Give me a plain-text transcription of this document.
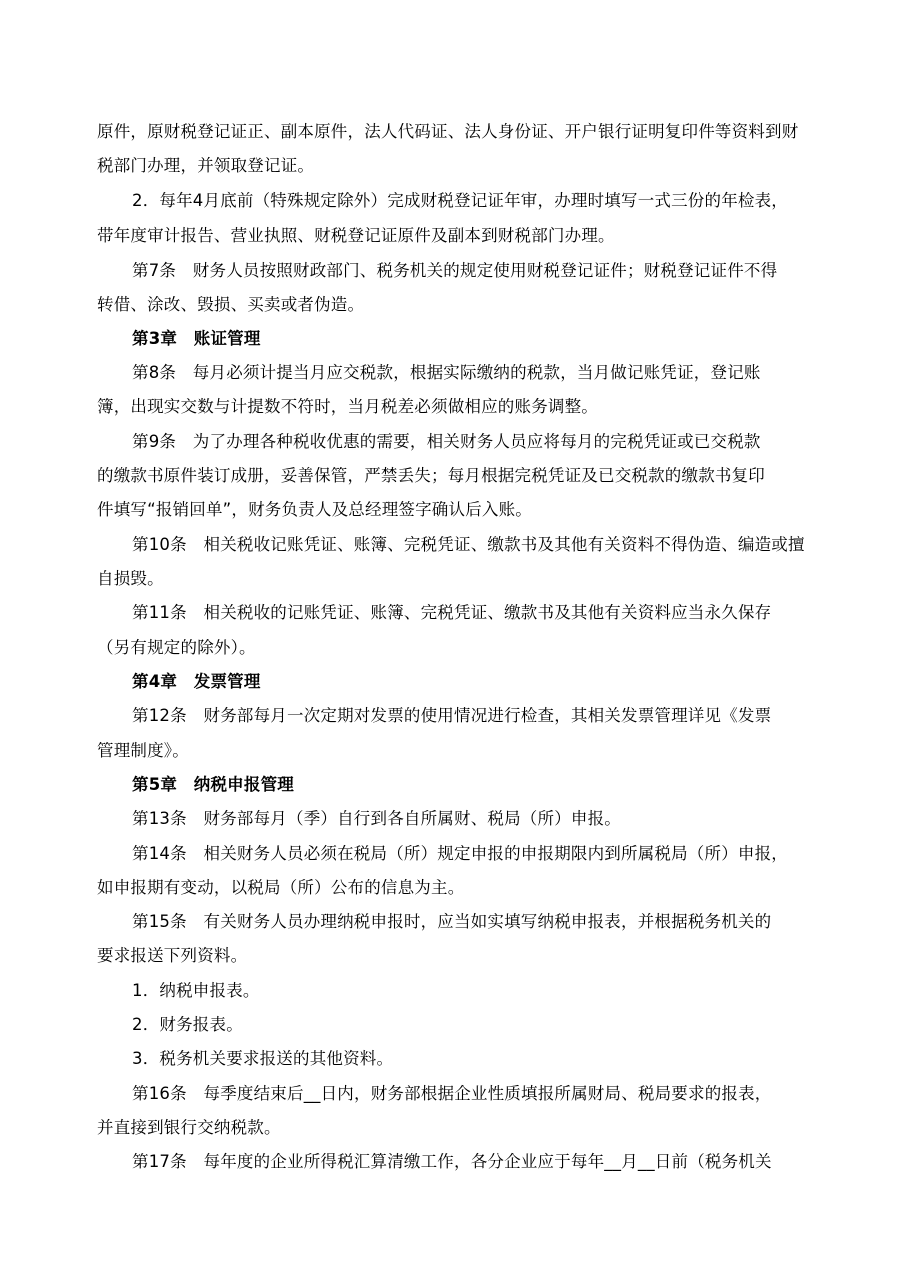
原件，原财税登记证正、副本原件，法人代码证、法人身份证、开户银行证明复印件等资料到财
税部门办理，并领取登记证。
2．每年4月底前（特殊规定除外）完成财税登记证年审，办理时填写一式三份的年检表，
带年度审计报告、营业执照、财税登记证原件及副本到财税部门办理。
第7条　财务人员按照财政部门、税务机关的规定使用财税登记证件；财税登记证件不得
转借、涂改、毁损、买卖或者伪造。
第3章　账证管理
第8条　每月必须计提当月应交税款，根据实际缴纳的税款，当月做记账凭证，登记账
簿，出现实交数与计提数不符时，当月税差必须做相应的账务调整。
第9条　为了办理各种税收优惠的需要，相关财务人员应将每月的完税凭证或已交税款
的缴款书原件装订成册，妥善保管，严禁丢失；每月根据完税凭证及已交税款的缴款书复印
件填写“报销回单”，财务负责人及总经理签字确认后入账。
第10条　相关税收记账凭证、账簿、完税凭证、缴款书及其他有关资料不得伪造、编造或擅
自损毁。
第11条　相关税收的记账凭证、账簿、完税凭证、缴款书及其他有关资料应当永久保存
（另有规定的除外）。
第4章　发票管理
第12条　财务部每月一次定期对发票的使用情况进行检查，其相关发票管理详见《发票
管理制度》。
第5章　纳税申报管理
第13条　财务部每月（季）自行到各自所属财、税局（所）申报。
第14条　相关财务人员必须在税局（所）规定申报的申报期限内到所属税局（所）申报，
如申报期有变动，以税局（所）公布的信息为主。
第15条　有关财务人员办理纳税申报时，应当如实填写纳税申报表，并根据税务机关的
要求报送下列资料。
1．纳税申报表。
2．财务报表。
3．税务机关要求报送的其他资料。
第16条　每季度结束后__日内，财务部根据企业性质填报所属财局、税局要求的报表，
并直接到银行交纳税款。
第17条　每年度的企业所得税汇算清缴工作，各分企业应于每年__月__日前（税务机关
